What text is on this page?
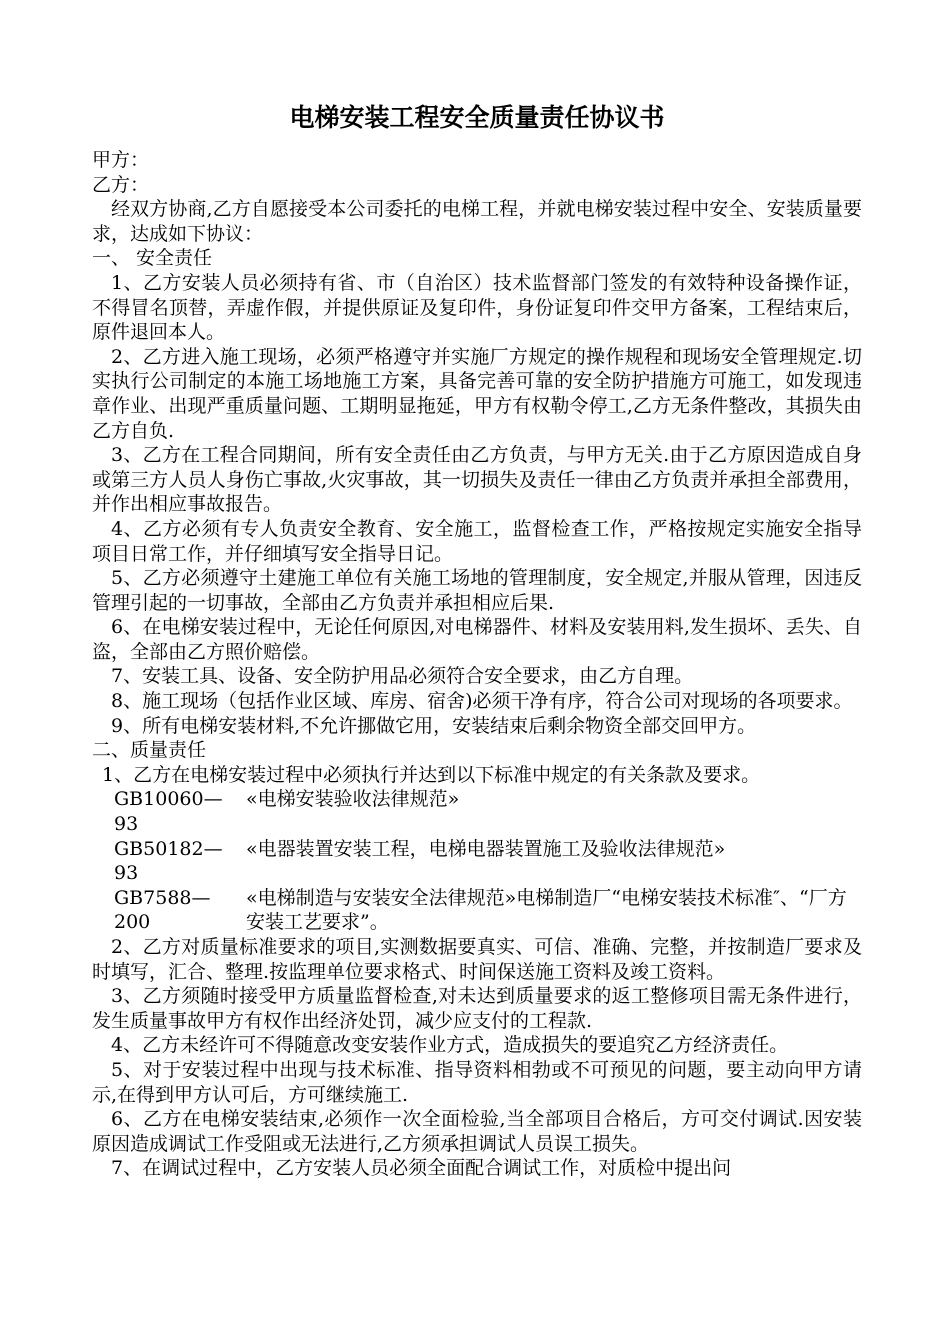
电梯安装工程安全质量责任协议书
甲方：
乙方：
经双方协商,乙方自愿接受本公司委托的电梯工程，并就电梯安装过程中安全、安装质量要求，达成如下协议：
一、 安全责任
1、乙方安装人员必须持有省、市（自治区）技术监督部门签发的有效特种设备操作证，不得冒名顶替，弄虚作假，并提供原证及复印件，身份证复印件交甲方备案，工程结束后，原件退回本人。
2、乙方进入施工现场，必须严格遵守并实施厂方规定的操作规程和现场安全管理规定.切实执行公司制定的本施工场地施工方案，具备完善可靠的安全防护措施方可施工，如发现违章作业、出现严重质量问题、工期明显拖延，甲方有权勒令停工,乙方无条件整改，其损失由乙方自负.
3、乙方在工程合同期间，所有安全责任由乙方负责，与甲方无关.由于乙方原因造成自身或第三方人员人身伤亡事故,火灾事故，其一切损失及责任一律由乙方负责并承担全部费用，并作出相应事故报告。
4、乙方必须有专人负责安全教育、安全施工，监督检查工作，严格按规定实施安全指导项目日常工作，并仔细填写安全指导日记。
5、乙方必须遵守土建施工单位有关施工场地的管理制度，安全规定,并服从管理，因违反管理引起的一切事故，全部由乙方负责并承担相应后果.
6、在电梯安装过程中，无论任何原因,对电梯器件、材料及安装用料,发生损坏、丢失、自盗，全部由乙方照价赔偿。
7、安装工具、设备、安全防护用品必须符合安全要求，由乙方自理。
8、施工现场（包括作业区域、库房、宿舍)必须干净有序，符合公司对现场的各项要求。
9、所有电梯安装材料,不允许挪做它用，安装结束后剩余物资全部交回甲方。
二、质量责任
1、乙方在电梯安装过程中必须执行并达到以下标准中规定的有关条款及要求。
GB10060—93
«电梯安装验收法律规范»
GB50182—93
«电器装置安装工程，电梯电器装置施工及验收法律规范»
GB7588—200
«电梯制造与安装安全法律规范»电梯制造厂“电梯安装技术标准″、“厂方安装工艺要求”。
2、乙方对质量标准要求的项目,实测数据要真实、可信、准确、完整，并按制造厂要求及时填写，汇合、整理.按监理单位要求格式、时间保送施工资料及竣工资料。
3、乙方须随时接受甲方质量监督检查,对未达到质量要求的返工整修项目需无条件进行，发生质量事故甲方有权作出经济处罚，减少应支付的工程款.
4、乙方未经许可不得随意改变安装作业方式，造成损失的要追究乙方经济责任。
5、对于安装过程中出现与技术标准、指导资料相勃或不可预见的问题，要主动向甲方请示,在得到甲方认可后，方可继续施工.
6、乙方在电梯安装结束,必须作一次全面检验,当全部项目合格后，方可交付调试.因安装原因造成调试工作受阻或无法进行,乙方须承担调试人员误工损失。
7、在调试过程中，乙方安装人员必须全面配合调试工作，对质检中提出问
